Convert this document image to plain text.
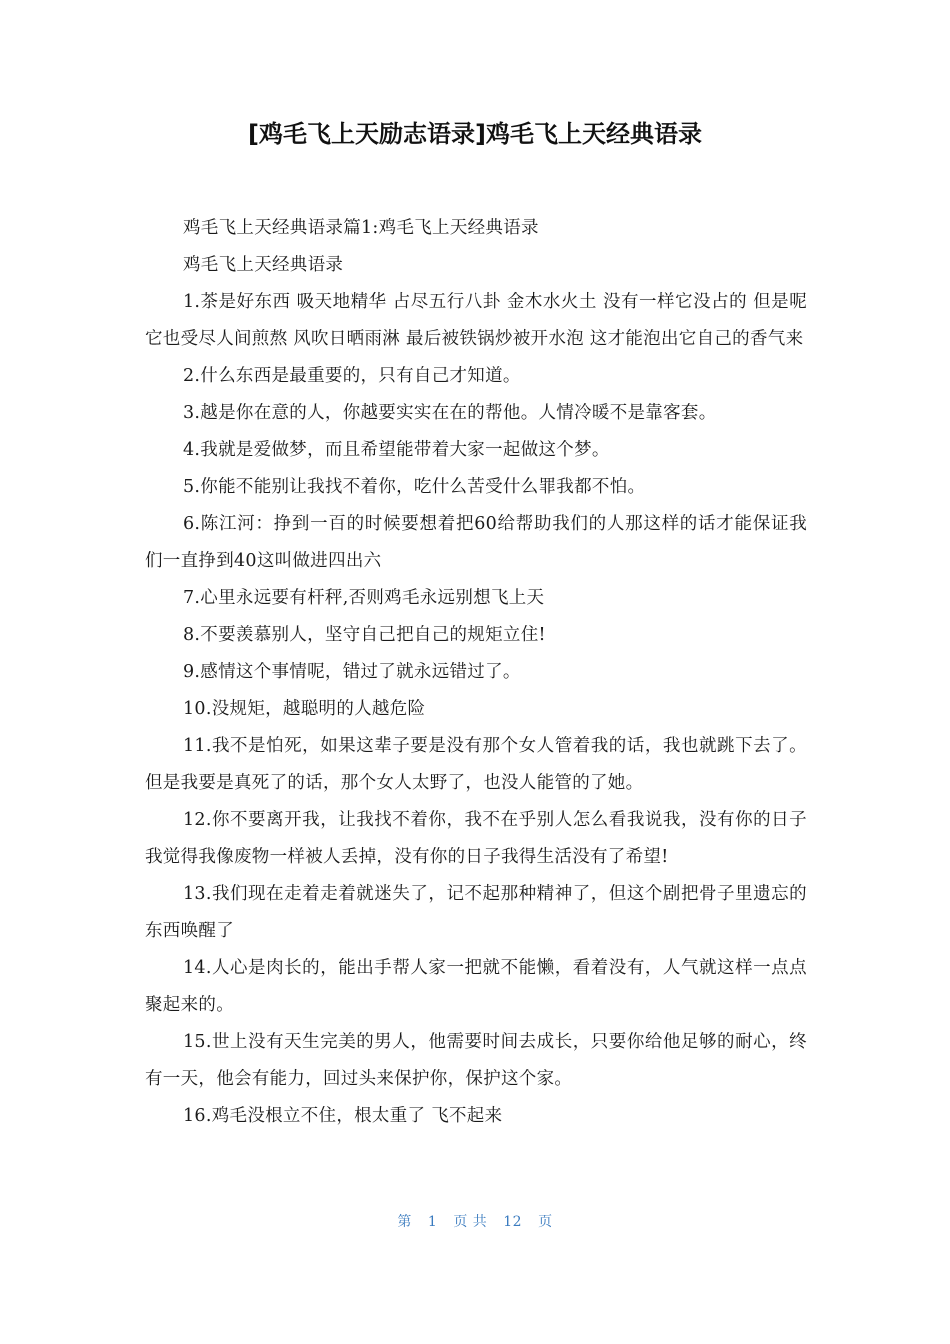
[鸡毛飞上天励志语录]鸡毛飞上天经典语录

鸡毛飞上天经典语录篇1:鸡毛飞上天经典语录

鸡毛飞上天经典语录

1.茶是好东西 吸天地精华 占尽五行八卦 金木水火土 没有一样它没占的 但是呢 它也受尽人间煎熬 风吹日晒雨淋 最后被铁锅炒被开水泡 这才能泡出它自己的香气来

2.什么东西是最重要的，只有自己才知道。

3.越是你在意的人，你越要实实在在的帮他。人情冷暖不是靠客套。

4.我就是爱做梦，而且希望能带着大家一起做这个梦。

5.你能不能别让我找不着你，吃什么苦受什么罪我都不怕。

6.陈江河：挣到一百的时候要想着把60给帮助我们的人那这样的话才能保证我们一直挣到40这叫做进四出六

7.心里永远要有杆秤,否则鸡毛永远别想飞上天

8.不要羡慕别人，坚守自己把自己的规矩立住!

9.感情这个事情呢，错过了就永远错过了。

10.没规矩，越聪明的人越危险

11.我不是怕死，如果这辈子要是没有那个女人管着我的话，我也就跳下去了。但是我要是真死了的话，那个女人太野了，也没人能管的了她。

12.你不要离开我，让我找不着你，我不在乎别人怎么看我说我，没有你的日子我觉得我像废物一样被人丢掉，没有你的日子我得生活没有了希望!

13.我们现在走着走着就迷失了，记不起那种精神了，但这个剧把骨子里遗忘的东西唤醒了

14.人心是肉长的，能出手帮人家一把就不能懒，看着没有，人气就这样一点点聚起来的。

15.世上没有天生完美的男人，他需要时间去成长，只要你给他足够的耐心，终有一天，他会有能力，回过头来保护你，保护这个家。

16.鸡毛没根立不住，根太重了 飞不起来

第 1 页 共 12 页
